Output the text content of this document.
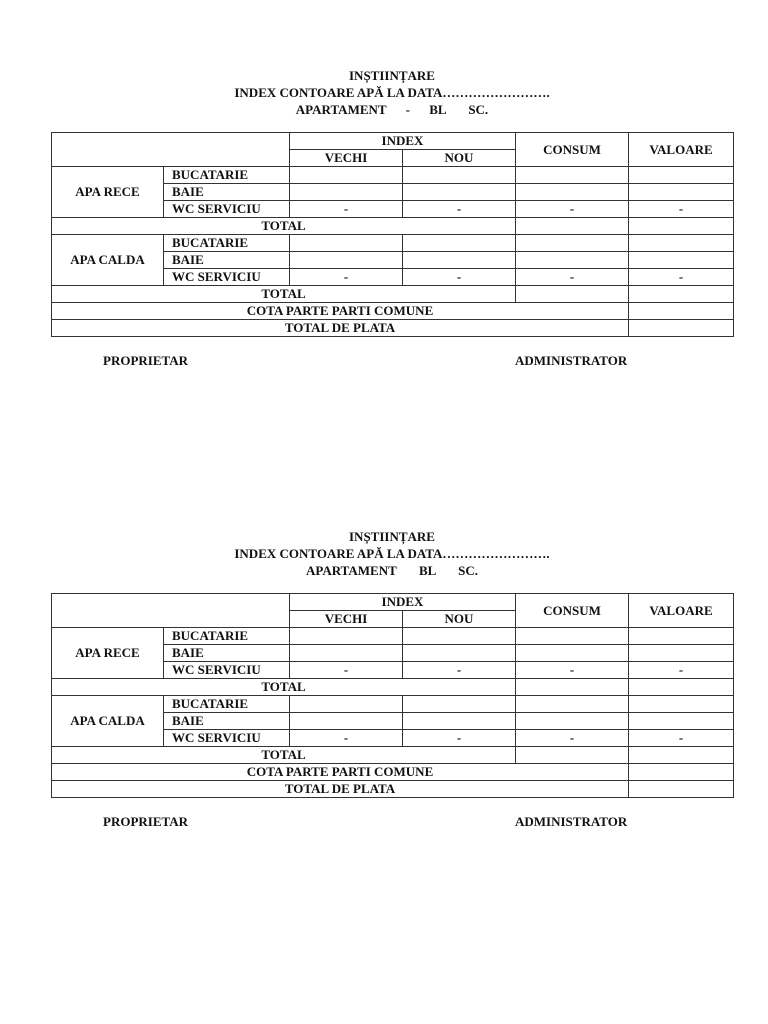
INȘTIINȚARE
INDEX CONTOARE APĂ LA DATA…………………….
APARTAMENT - BL SC.
		INDEX		CONSUM	VALOARE
		VECHI	NOU		
APA RECE	BUCATARIE				
	BAIE				
	WC SERVICIU	-	-	-	-
TOTAL					
APA CALDA	BUCATARIE				
	BAIE				
	WC SERVICIU	-	-	-	-
TOTAL					
COTA PARTE PARTI COMUNE					
TOTAL DE PLATA					
PROPRIETAR	ADMINISTRATOR
INȘTIINȚARE
INDEX CONTOARE APĂ LA DATA…………………….
APARTAMENT BL SC.
		INDEX		CONSUM	VALOARE
		VECHI	NOU		
APA RECE	BUCATARIE				
	BAIE				
	WC SERVICIU	-	-	-	-
TOTAL					
APA CALDA	BUCATARIE				
	BAIE				
	WC SERVICIU	-	-	-	-
TOTAL					
COTA PARTE PARTI COMUNE					
TOTAL DE PLATA					
PROPRIETAR	ADMINISTRATOR
